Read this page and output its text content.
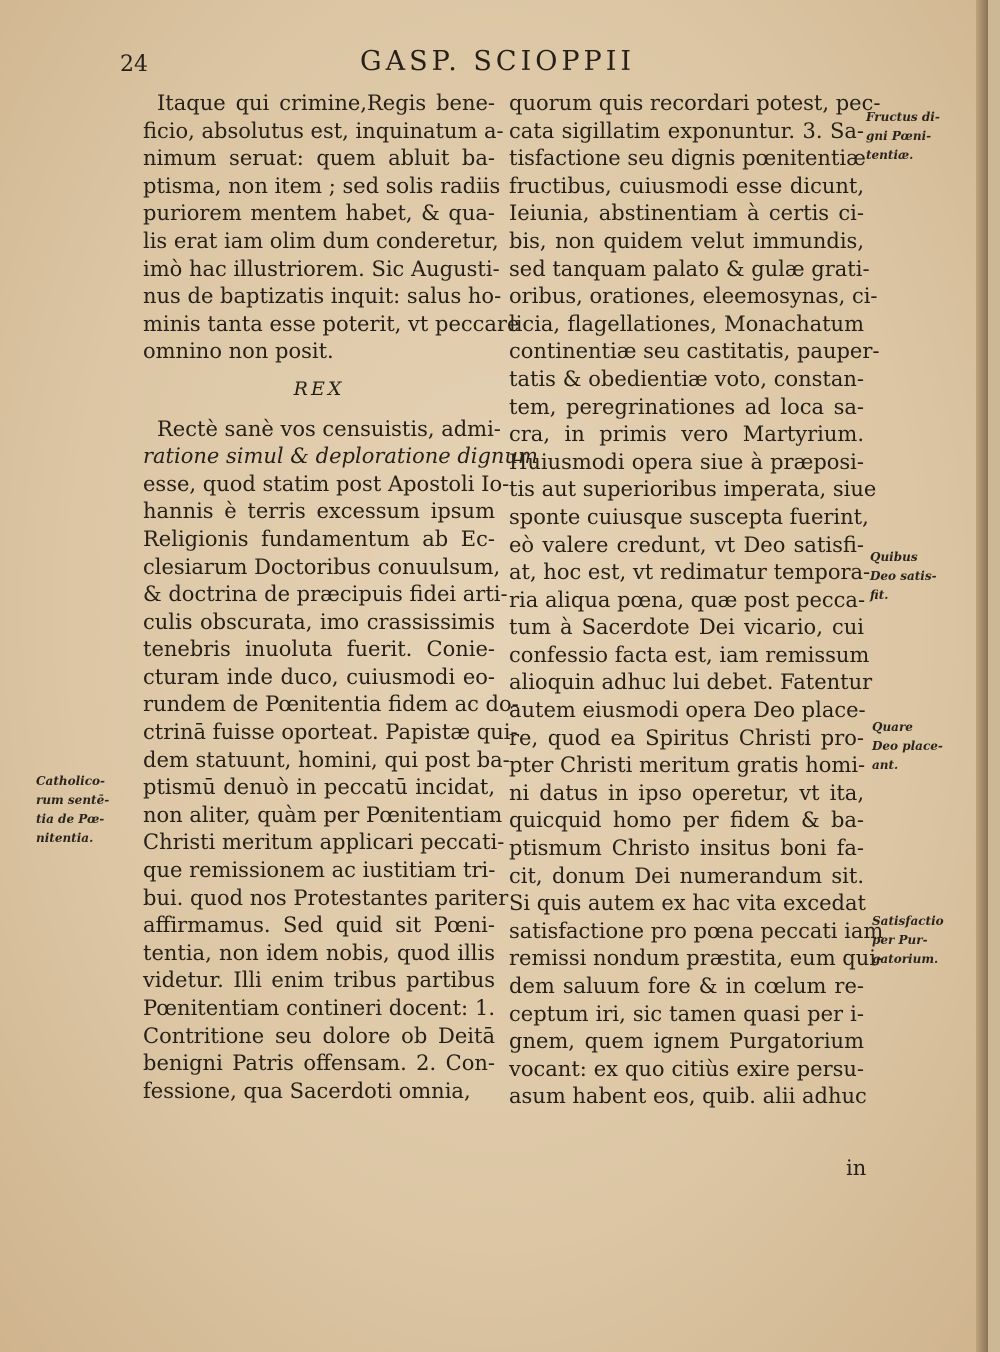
24	GASP. SCIOPPII
Itaque qui crimine,Regis bene-
ficio, absolutus est, inquinatum a-
nimum seruat: quem abluit ba-
ptisma, non item ; sed solis radiis
puriorem mentem habet, & qua-
lis erat iam olim dum conderetur,
imò hac illustriorem. Sic Augusti-
nus de baptizatis inquit: salus ho-
minis tanta esse poterit, vt peccare
omnino non posit.
REX
Rectè sanè vos censuistis, admi-
ratione simul & deploratione dignum
esse, quod statim post Apostoli Io-
hannis è terris excessum ipsum
Religionis fundamentum ab Ec-
clesiarum Doctoribus conuulsum,
& doctrina de præcipuis fidei arti-
culis obscurata, imo crassissimis
tenebris inuoluta fuerit. Conie-
cturam inde duco, cuiusmodi eo-
rundem de Pœnitentia fidem ac do-
ctrinā fuisse oporteat. Papistæ qui-
dem statuunt, homini, qui post ba-
ptismū denuò in peccatū incidat,
non aliter, quàm per Pœnitentiam
Christi meritum applicari peccati-
que remissionem ac iustitiam tri-
bui. quod nos Protestantes pariter
affirmamus. Sed quid sit Pœni-
tentia, non idem nobis, quod illis
videtur. Illi enim tribus partibus
Pœnitentiam contineri docent: 1.
Contritione seu dolore ob Deitā
benigni Patris offensam. 2. Con-
fessione, qua Sacerdoti omnia,
quorum quis recordari potest, pec-
cata sigillatim exponuntur. 3. Sa-
tisfactione seu dignis pœnitentiæ
fructibus, cuiusmodi esse dicunt,
Ieiunia, abstinentiam à certis ci-
bis, non quidem velut immundis,
sed tanquam palato & gulæ grati-
oribus, orationes, eleemosynas, ci-
licia, flagellationes, Monachatum
continentiæ seu castitatis, pauper-
tatis & obedientiæ voto, constan-
tem, peregrinationes ad loca sa-
cra, in primis vero Martyrium.
Huiusmodi opera siue à præposi-
tis aut superioribus imperata, siue
sponte cuiusque suscepta fuerint,
eò valere credunt, vt Deo satisfi-
at, hoc est, vt redimatur tempora-
ria aliqua pœna, quæ post pecca-
tum à Sacerdote Dei vicario, cui
confessio facta est, iam remissum
alioquin adhuc lui debet. Fatentur
autem eiusmodi opera Deo place-
re, quod ea Spiritus Christi pro-
pter Christi meritum gratis homi-
ni datus in ipso operetur, vt ita,
quicquid homo per fidem & ba-
ptismum Christo insitus boni fa-
cit, donum Dei numerandum sit.
Si quis autem ex hac vita excedat
satisfactione pro pœna peccati iam
remissi nondum præstita, eum qui-
dem saluum fore & in cœlum re-
ceptum iri, sic tamen quasi per i-
gnem, quem ignem Purgatorium
vocant: ex quo citiùs exire persu-
asum habent eos, quib. alii adhuc
in
Catholico-
rum sentē-
tia de Pœ-
nitentia.
Fructus di-
gni Pœni-
tentiæ.
Quibus
Deo satis-
fit.
Quare
Deo place-
ant.
Satisfactio
per Pur-
gatorium.
